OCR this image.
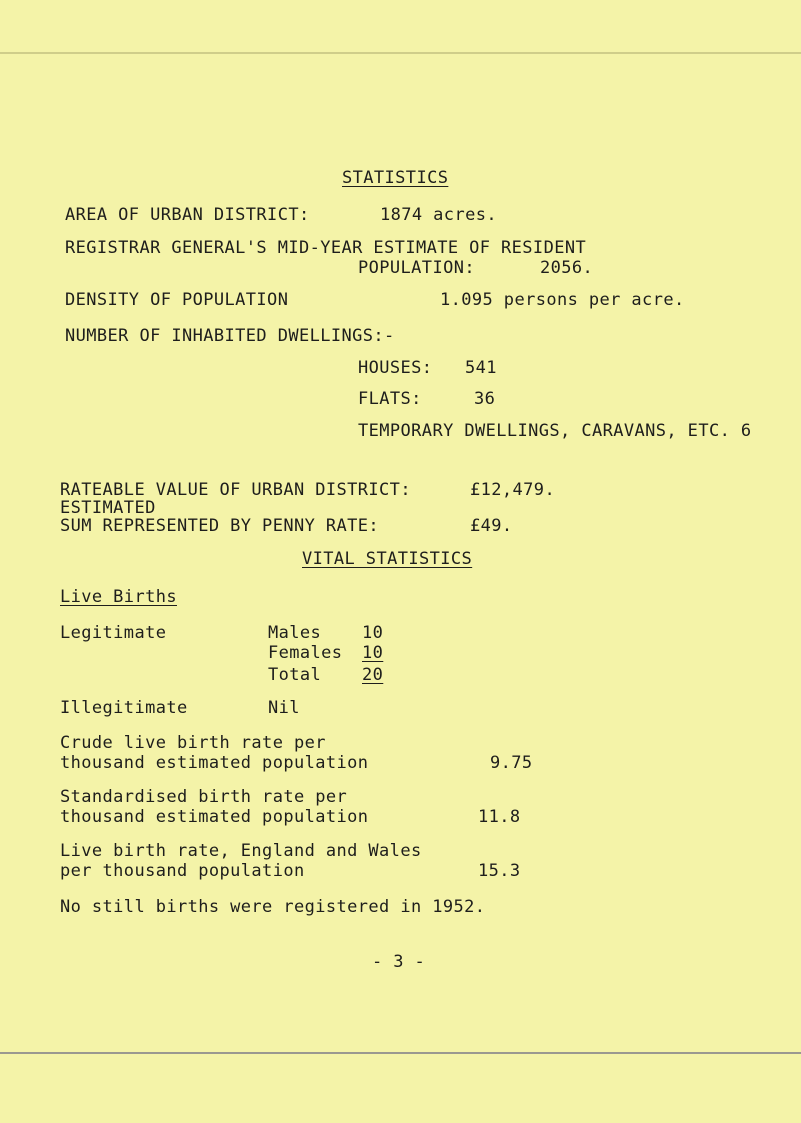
STATISTICS
AREA OF URBAN DISTRICT:	1874 acres.
REGISTRAR GENERAL'S MID-YEAR ESTIMATE OF RESIDENT
POPULATION:	2056.
DENSITY OF POPULATION	1.095 persons per acre.
NUMBER OF INHABITED DWELLINGS:-
HOUSES: 541
FLATS:	36
TEMPORARY DWELLINGS, CARAVANS, ETC. 6
RATEABLE VALUE OF URBAN DISTRICT:	£12,479.
ESTIMATED
SUM REPRESENTED BY PENNY RATE:	£49.
VITAL STATISTICS
Live Births
Legitimate	Males 10
Females 10
Total 20
Illegitimate	Nil
Crude live birth rate per
thousand estimated population	9.75
Standardised birth rate per
thousand estimated population	11.8
Live birth rate, England and Wales
per thousand population	15.3
No still births were registered in 1952.
- 3 -
